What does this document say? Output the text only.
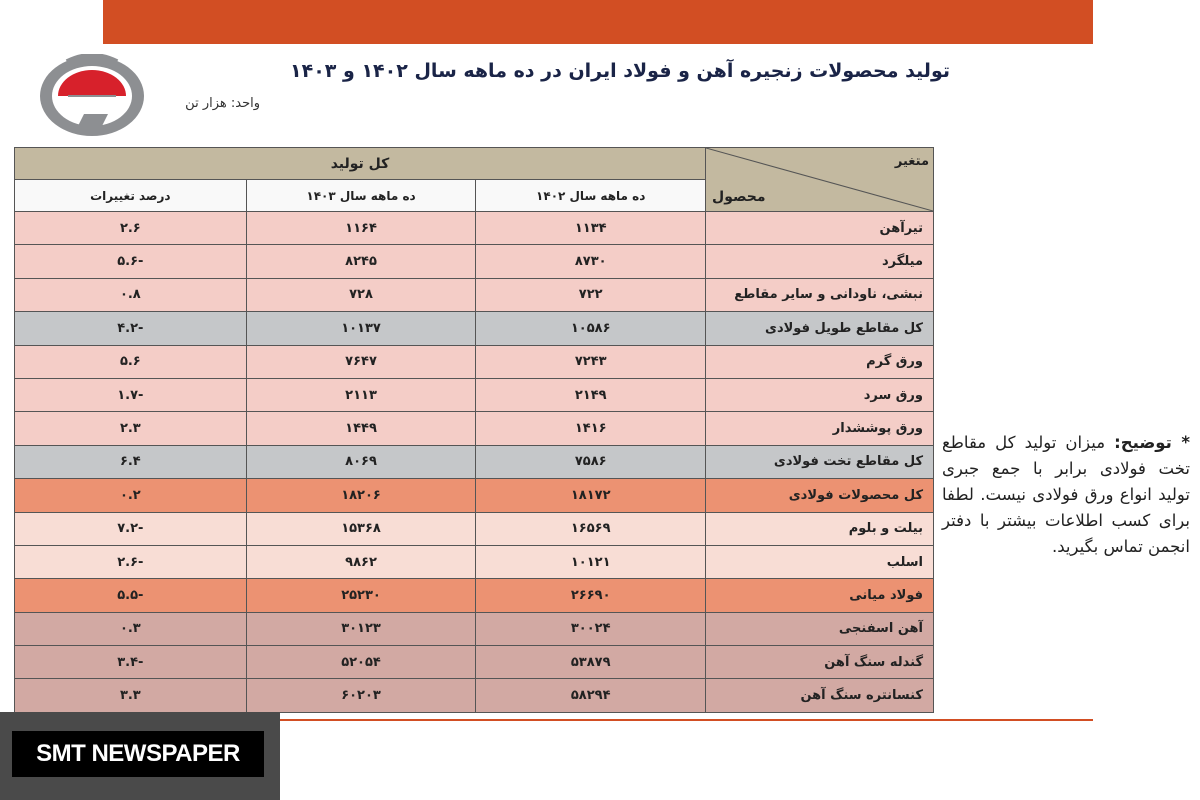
تولید محصولات زنجیره آهن و فولاد ایران در ده ماهه سال ۱۴۰۲ و ۱۴۰۳
واحد: هزار تن
متغیر
محصول	کل تولید		
	ده ماهه سال ۱۴۰۲	ده ماهه سال ۱۴۰۳	درصد تغییرات
تیرآهن	۱۱۳۴	۱۱۶۴	۲.۶
میلگرد	۸۷۳۰	۸۲۴۵	-۵.۶
نبشی، ناودانی و سایر مقاطع	۷۲۲	۷۲۸	۰.۸
کل مقاطع طویل فولادی	۱۰۵۸۶	۱۰۱۳۷	-۴.۲
ورق گرم	۷۲۴۳	۷۶۴۷	۵.۶
ورق سرد	۲۱۴۹	۲۱۱۳	-۱.۷
ورق پوششدار	۱۴۱۶	۱۴۴۹	۲.۳
کل مقاطع تخت فولادی	۷۵۸۶	۸۰۶۹	۶.۴
کل محصولات فولادی	۱۸۱۷۲	۱۸۲۰۶	۰.۲
بیلت و بلوم	۱۶۵۶۹	۱۵۳۶۸	-۷.۲
اسلب	۱۰۱۲۱	۹۸۶۲	-۲.۶
فولاد میانی	۲۶۶۹۰	۲۵۲۳۰	-۵.۵
آهن اسفنجی	۳۰۰۲۴	۳۰۱۲۳	۰.۳
گندله سنگ آهن	۵۳۸۷۹	۵۲۰۵۴	-۳.۴
کنسانتره سنگ آهن	۵۸۲۹۴	۶۰۲۰۳	۳.۳
* توضیح: میزان تولید کل مقاطع تخت فولادی برابر با جمع جبری تولید انواع ورق فولادی نیست. لطفا برای کسب اطلاعات بیشتر با دفتر انجمن تماس بگیرید.
SMT NEWSPAPER
